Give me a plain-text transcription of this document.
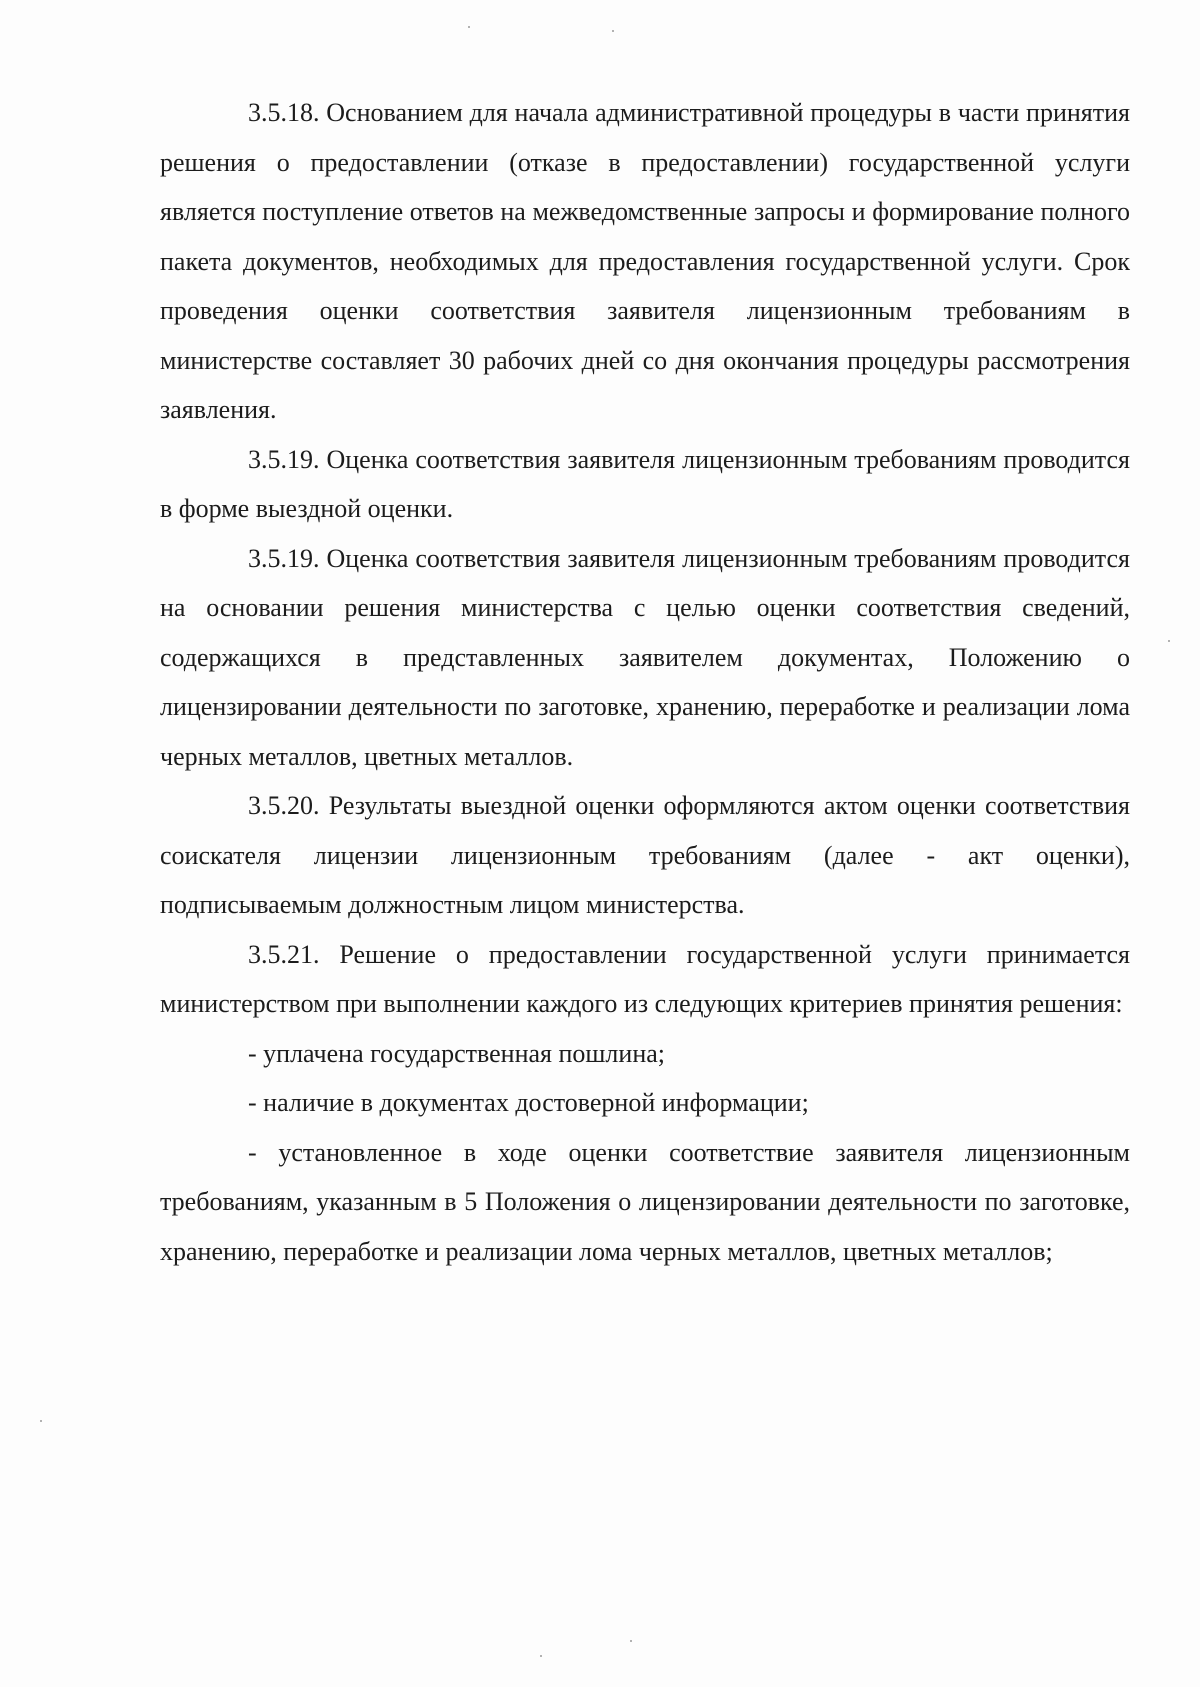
3.5.18. Основанием для начала административной процедуры в части принятия решения о предоставлении (отказе в предоставлении) государственной услуги является поступление ответов на межведомственные запросы и формирование полного пакета документов, необходимых для предоставления государственной услуги. Срок проведения оценки соответствия заявителя лицензионным требованиям в министерстве составляет 30 рабочих дней со дня окончания процедуры рассмотрения заявления.

3.5.19. Оценка соответствия заявителя лицензионным требованиям проводится в форме выездной оценки.

3.5.19. Оценка соответствия заявителя лицензионным требованиям проводится на основании решения министерства с целью оценки соответствия сведений, содержащихся в представленных заявителем документах, Положению о лицензировании деятельности по заготовке, хранению, переработке и реализации лома черных металлов, цветных металлов.

3.5.20. Результаты выездной оценки оформляются актом оценки соответствия соискателя лицензии лицензионным требованиям (далее - акт оценки), подписываемым должностным лицом министерства.

3.5.21. Решение о предоставлении государственной услуги принимается министерством при выполнении каждого из следующих критериев принятия решения:

- уплачена государственная пошлина;

- наличие в документах достоверной информации;

- установленное в ходе оценки соответствие заявителя лицензионным требованиям, указанным в 5 Положения о лицензировании деятельности по заготовке, хранению, переработке и реализации лома черных металлов, цветных металлов;
